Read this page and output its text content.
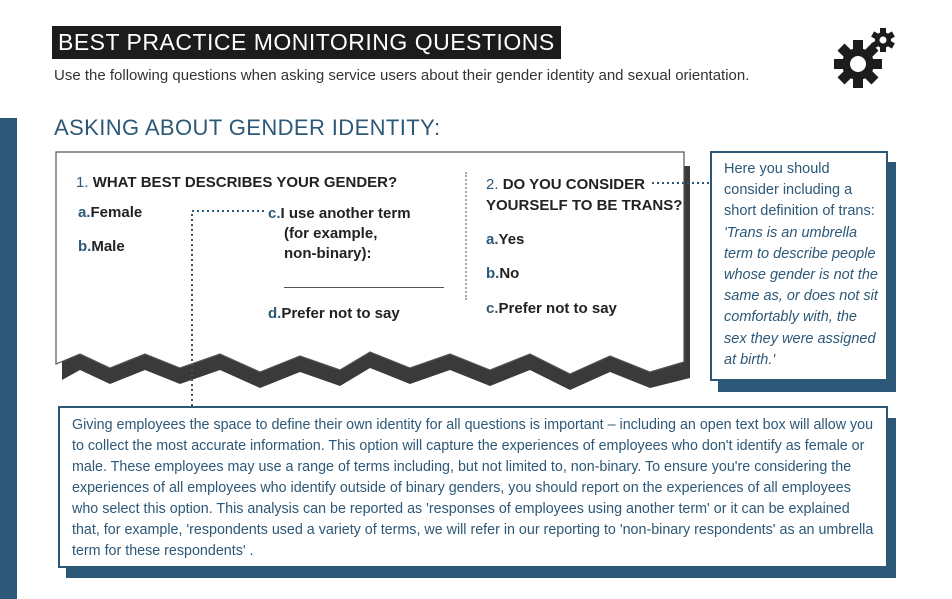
BEST PRACTICE MONITORING QUESTIONS
Use the following questions when asking service users about their gender identity and sexual orientation.
ASKING ABOUT GENDER IDENTITY:
1. WHAT BEST DESCRIBES YOUR GENDER?
a.Female
b.Male
c.I use another term
(for example,
non-binary):
d.Prefer not to say
2. DO YOU CONSIDER
YOURSELF TO BE TRANS?
a.Yes
b.No
c.Prefer not to say
Here you should consider including a short definition of trans:
'Trans is an umbrella term to describe people whose gender is not the same as, or does not sit comfortably with, the sex they were assigned at birth.'
Giving employees the space to define their own identity for all questions is important – including an open text box will allow you to collect the most accurate information. This option will capture the experiences of employees who don't identify as female or male. These employees may use a range of terms including, but not limited to, non-binary. To ensure you're considering the experiences of all employees who identify outside of binary genders, you should report on the experiences of all employees who select this option. This analysis can be reported as 'responses of employees using another term' or it can be explained that, for example, 'respondents used a variety of terms, we will refer in our reporting to 'non-binary respondents' as an umbrella term for these respondents' .
